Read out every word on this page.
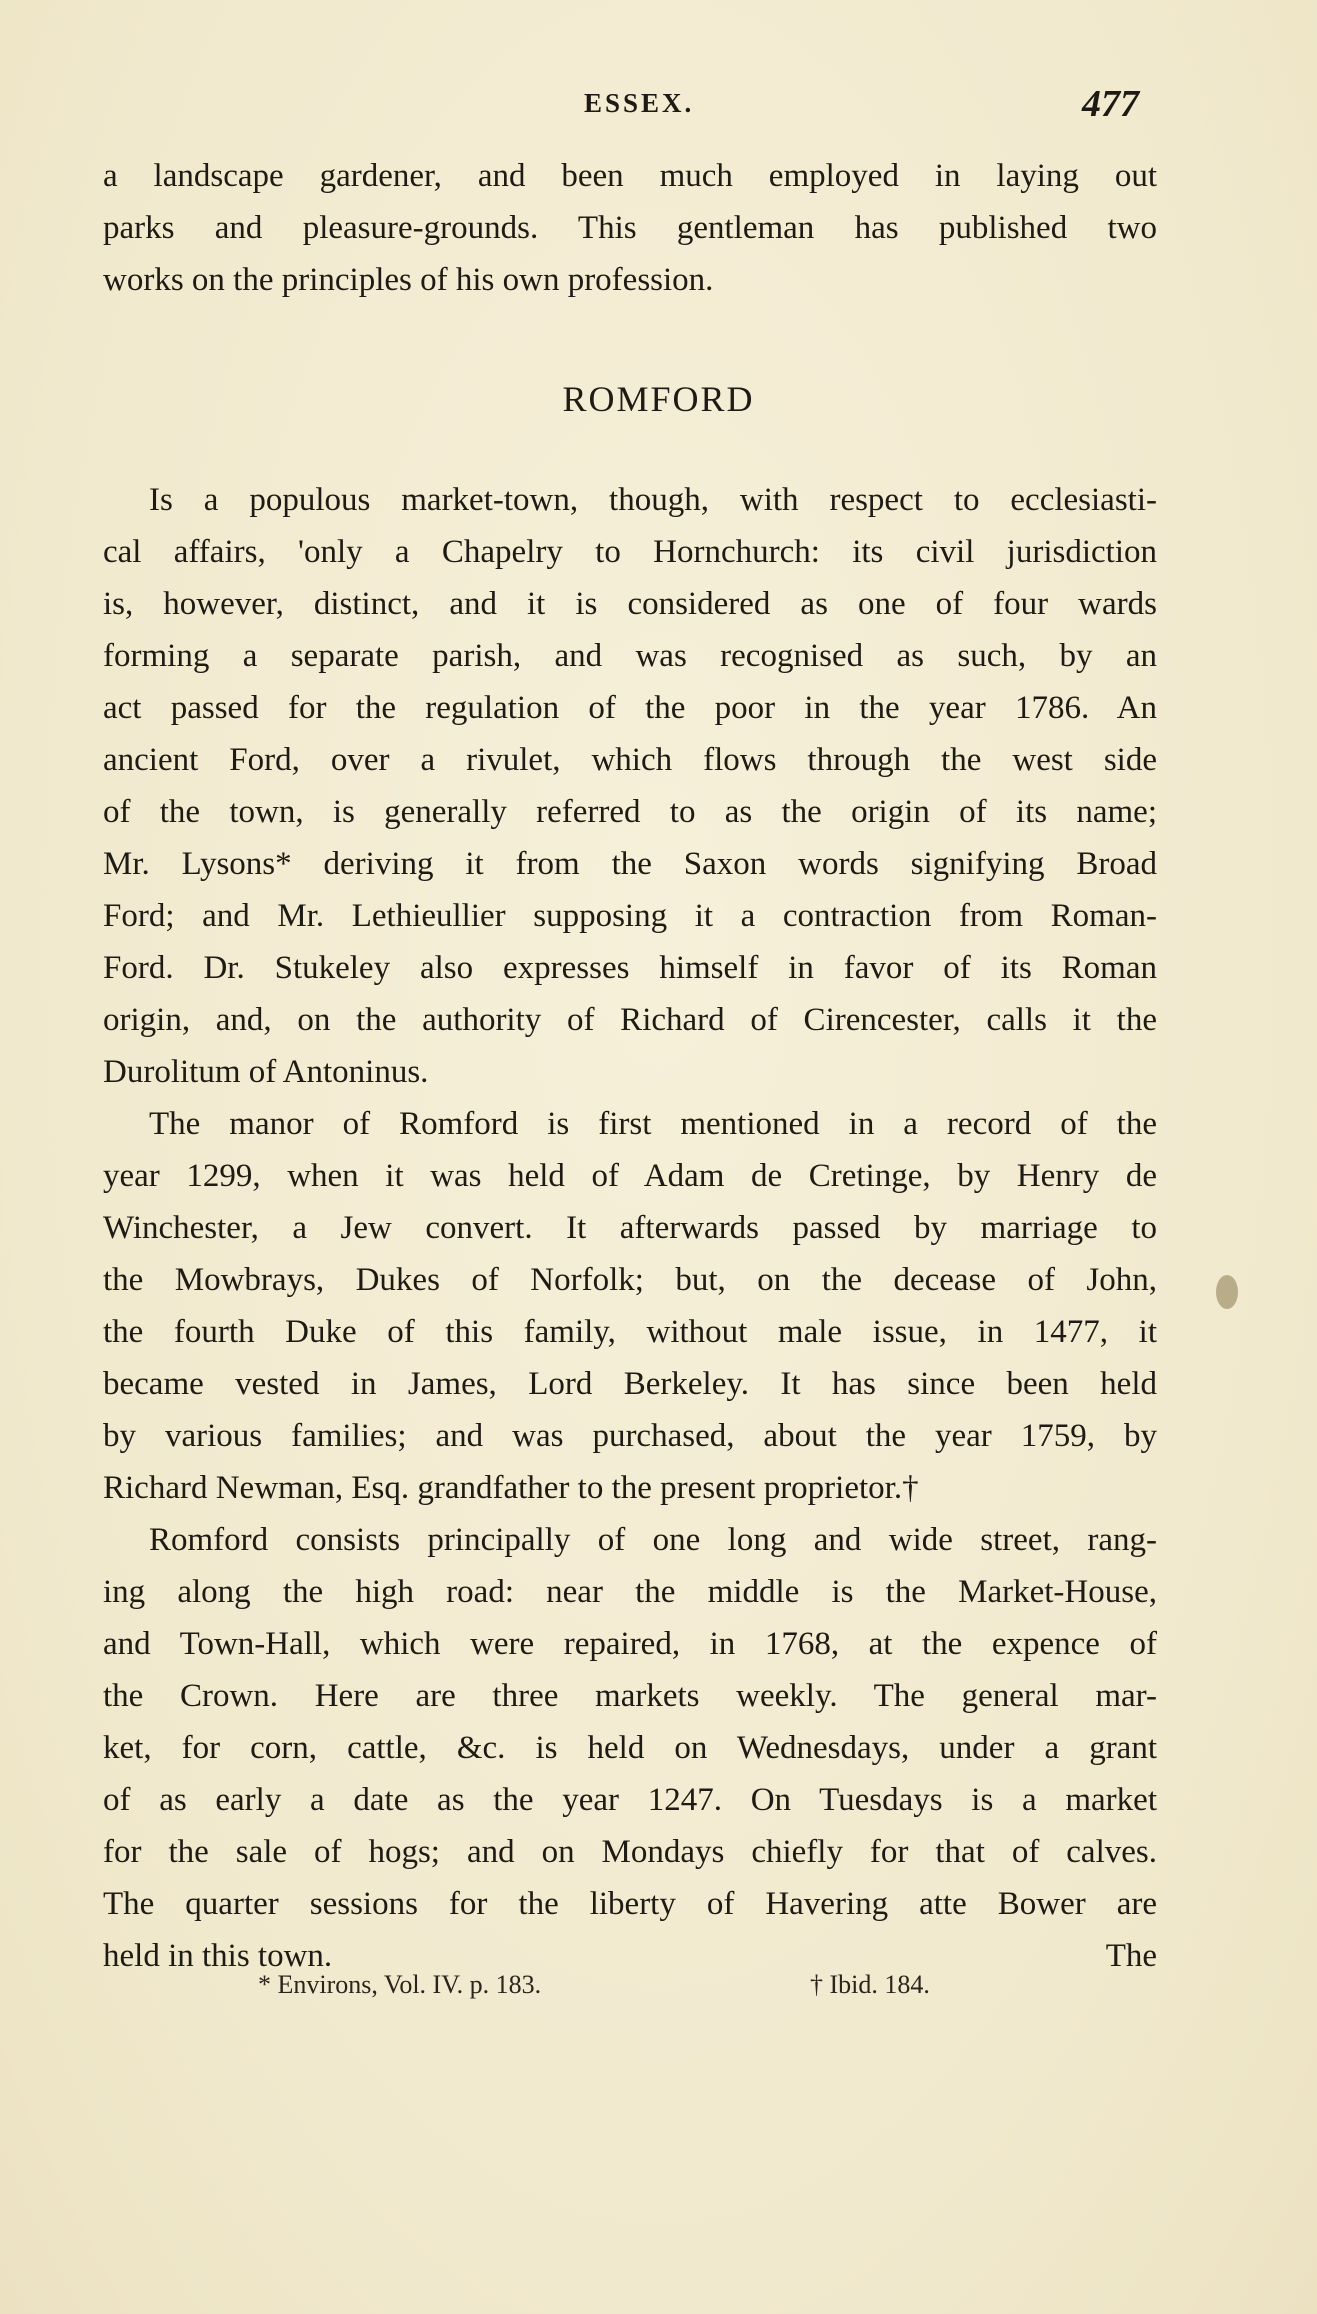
ESSEX.	477
a landscape gardener, and been much employed in laying out
parks and pleasure-grounds. This gentleman has published two
works on the principles of his own profession.
ROMFORD
Is a populous market-town, though, with respect to ecclesiasti-
cal affairs, 'only a Chapelry to Hornchurch: its civil jurisdiction
is, however, distinct, and it is considered as one of four wards
forming a separate parish, and was recognised as such, by an
act passed for the regulation of the poor in the year 1786. An
ancient Ford, over a rivulet, which flows through the west side
of the town, is generally referred to as the origin of its name;
Mr. Lysons* deriving it from the Saxon words signifying Broad
Ford; and Mr. Lethieullier supposing it a contraction from Roman-
Ford. Dr. Stukeley also expresses himself in favor of its Roman
origin, and, on the authority of Richard of Cirencester, calls it the
Durolitum of Antoninus.
The manor of Romford is first mentioned in a record of the
year 1299, when it was held of Adam de Cretinge, by Henry de
Winchester, a Jew convert. It afterwards passed by marriage to
the Mowbrays, Dukes of Norfolk; but, on the decease of John,
the fourth Duke of this family, without male issue, in 1477, it
became vested in James, Lord Berkeley. It has since been held
by various families; and was purchased, about the year 1759, by
Richard Newman, Esq. grandfather to the present proprietor.†
Romford consists principally of one long and wide street, rang-
ing along the high road: near the middle is the Market-House,
and Town-Hall, which were repaired, in 1768, at the expence of
the Crown. Here are three markets weekly. The general mar-
ket, for corn, cattle, &c. is held on Wednesdays, under a grant
of as early a date as the year 1247. On Tuesdays is a market
for the sale of hogs; and on Mondays chiefly for that of calves.
The quarter sessions for the liberty of Havering atte Bower are
held in this town.	The
* Environs, Vol. IV. p. 183.	† Ibid. 184.
